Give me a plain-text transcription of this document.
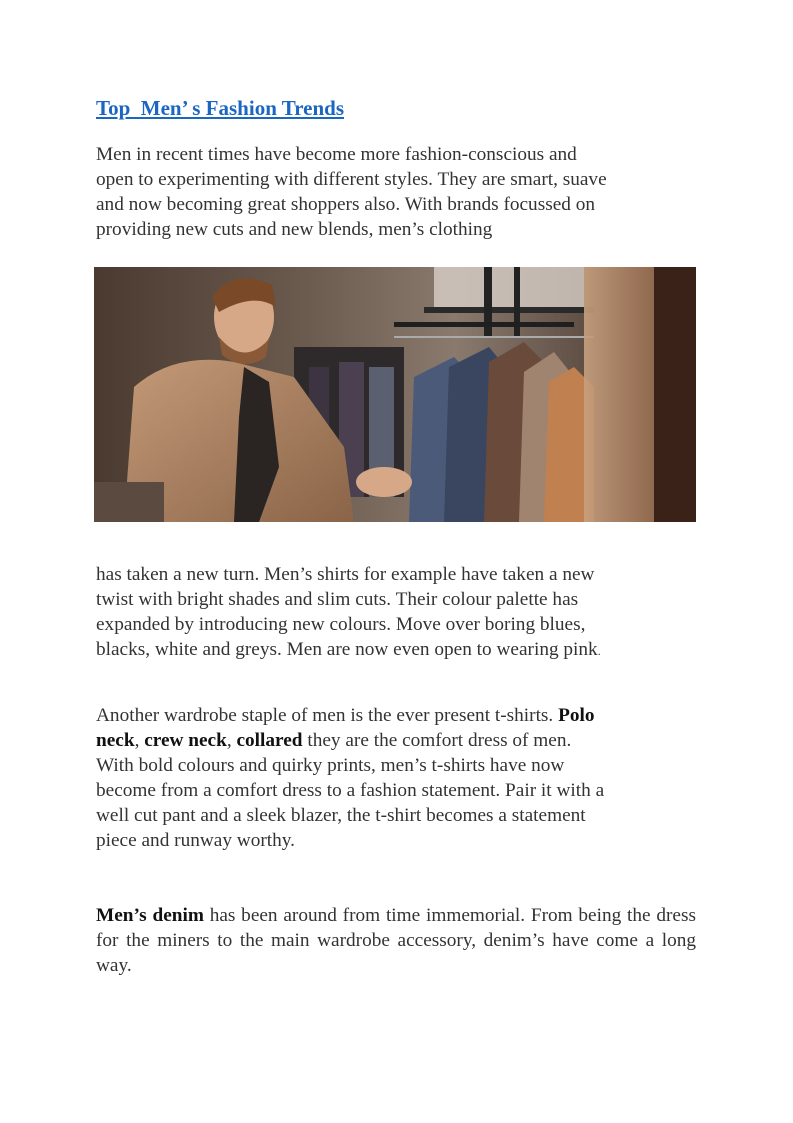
Top  Men’ s Fashion Trends

Men in recent times have become more fashion-conscious and
open to experimenting with different styles. They are smart, suave
and now becoming great shoppers also. With brands focussed on
providing new cuts and new blends, men’s clothing

has taken a new turn. Men’s shirts for example have taken a new
twist with bright shades and slim cuts. Their colour palette has
expanded by introducing new colours. Move over boring blues,
blacks, white and greys. Men are now even open to wearing pink.

Another wardrobe staple of men is the ever present t-shirts. Polo
neck, crew neck, collared they are the comfort dress of men.
With bold colours and quirky prints, men’s t-shirts have now
become from a comfort dress to a fashion statement. Pair it with a
well cut pant and a sleek blazer, the t-shirt becomes a statement
piece and runway worthy.

Men’s denim has been around from time immemorial. From being the dress for the miners to the main wardrobe accessory, denim’s have come a long way.
